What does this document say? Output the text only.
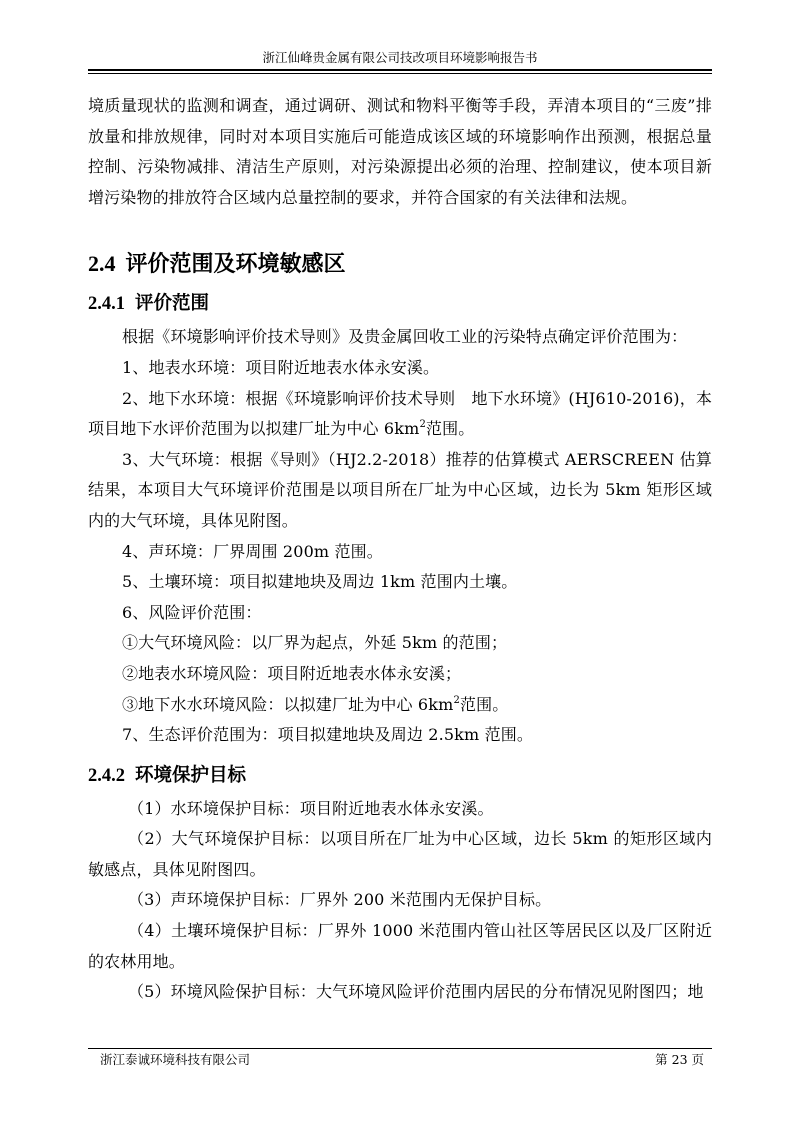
浙江仙峰贵金属有限公司技改项目环境影响报告书

境质量现状的监测和调查，通过调研、测试和物料平衡等手段，弄清本项目的“三废”排放量和排放规律，同时对本项目实施后可能造成该区域的环境影响作出预测，根据总量控制、污染物减排、清洁生产原则，对污染源提出必须的治理、控制建议，使本项目新增污染物的排放符合区域内总量控制的要求，并符合国家的有关法律和法规。

2.4 评价范围及环境敏感区
2.4.1 评价范围

根据《环境影响评价技术导则》及贵金属回收工业的污染特点确定评价范围为：

1、地表水环境：项目附近地表水体永安溪。

2、地下水环境：根据《环境影响评价技术导则　地下水环境》(HJ610-2016)，本项目地下水评价范围为以拟建厂址为中心 $6km^2$范围。

3、大气环境：根据《导则》（HJ2.2-2018）推荐的估算模式 AERSCREEN 估算结果，本项目大气环境评价范围是以项目所在厂址为中心区域，边长为 5km 矩形区域内的大气环境，具体见附图。

4、声环境：厂界周围 200m 范围。

5、土壤环境：项目拟建地块及周边 1km 范围内土壤。

6、风险评价范围：

①大气环境风险：以厂界为起点，外延 5km 的范围；

②地表水环境风险：项目附近地表水体永安溪；

③地下水水环境风险：以拟建厂址为中心 $6km^2$范围。

7、生态评价范围为：项目拟建地块及周边 2.5km 范围。

2.4.2 环境保护目标

（1）水环境保护目标：项目附近地表水体永安溪。

（2）大气环境保护目标：以项目所在厂址为中心区域，边长 5km 的矩形区域内敏感点，具体见附图四。

（3）声环境保护目标：厂界外 200 米范围内无保护目标。

（4）土壤环境保护目标：厂界外 1000 米范围内管山社区等居民区以及厂区附近的农林用地。

（5）环境风险保护目标：大气环境风险评价范围内居民的分布情况见附图四；地

浙江泰诚环境科技有限公司	第 23 页
